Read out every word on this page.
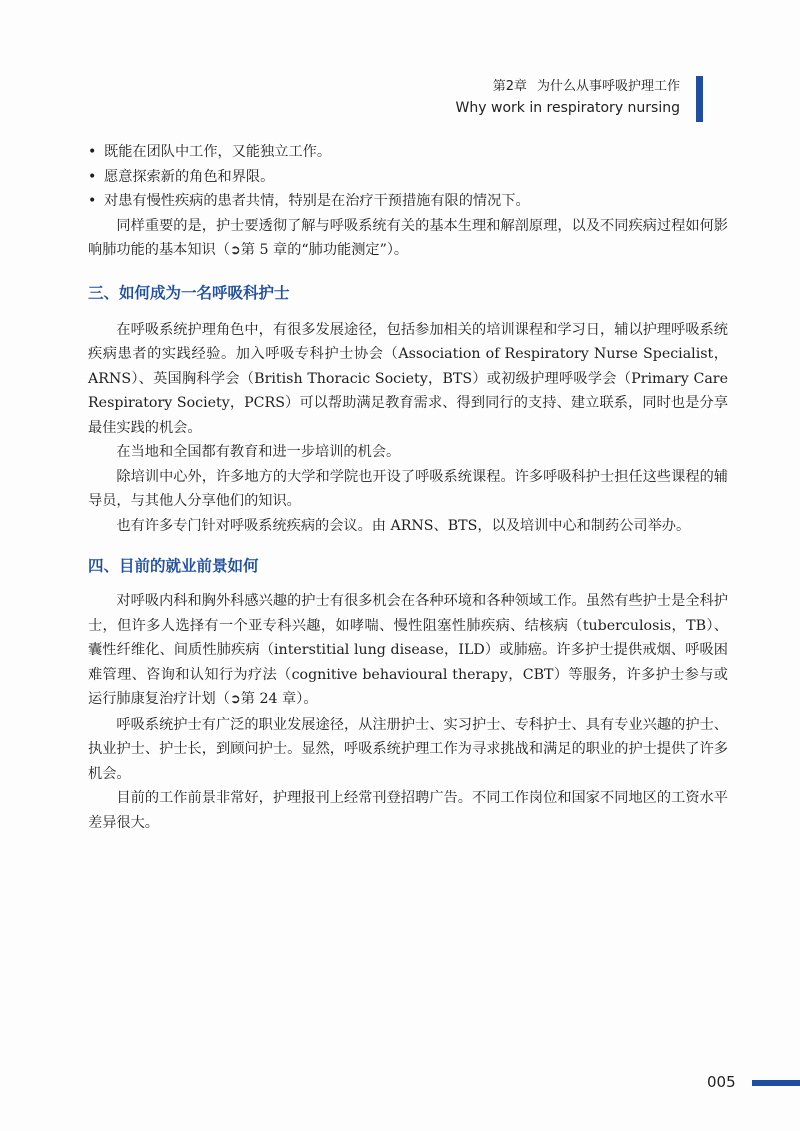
第2章 为什么从事呼吸护理工作
Why work in respiratory nursing
• 既能在团队中工作，又能独立工作。
• 愿意探索新的角色和界限。
• 对患有慢性疾病的患者共情，特别是在治疗干预措施有限的情况下。

同样重要的是，护士要透彻了解与呼吸系统有关的基本生理和解剖原理，以及不同疾病过程如何影响肺功能的基本知识（➲第 5 章的“肺功能测定”）。

三、如何成为一名呼吸科护士

在呼吸系统护理角色中，有很多发展途径，包括参加相关的培训课程和学习日，辅以护理呼吸系统疾病患者的实践经验。加入呼吸专科护士协会（Association of Respiratory Nurse Specialist，ARNS）、英国胸科学会（British Thoracic Society，BTS）或初级护理呼吸学会（Primary Care Respiratory Society，PCRS）可以帮助满足教育需求、得到同行的支持、建立联系，同时也是分享最佳实践的机会。

在当地和全国都有教育和进一步培训的机会。

除培训中心外，许多地方的大学和学院也开设了呼吸系统课程。许多呼吸科护士担任这些课程的辅导员，与其他人分享他们的知识。

也有许多专门针对呼吸系统疾病的会议。由 ARNS、BTS，以及培训中心和制药公司举办。

四、目前的就业前景如何

对呼吸内科和胸外科感兴趣的护士有很多机会在各种环境和各种领域工作。虽然有些护士是全科护士，但许多人选择有一个亚专科兴趣，如哮喘、慢性阻塞性肺疾病、结核病（tuberculosis，TB）、囊性纤维化、间质性肺疾病（interstitial lung disease，ILD）或肺癌。许多护士提供戒烟、呼吸困难管理、咨询和认知行为疗法（cognitive behavioural therapy，CBT）等服务，许多护士参与或运行肺康复治疗计划（➲第 24 章）。

呼吸系统护士有广泛的职业发展途径，从注册护士、实习护士、专科护士、具有专业兴趣的护士、执业护士、护士长，到顾问护士。显然，呼吸系统护理工作为寻求挑战和满足的职业的护士提供了许多机会。

目前的工作前景非常好，护理报刊上经常刊登招聘广告。不同工作岗位和国家不同地区的工资水平差异很大。

005
